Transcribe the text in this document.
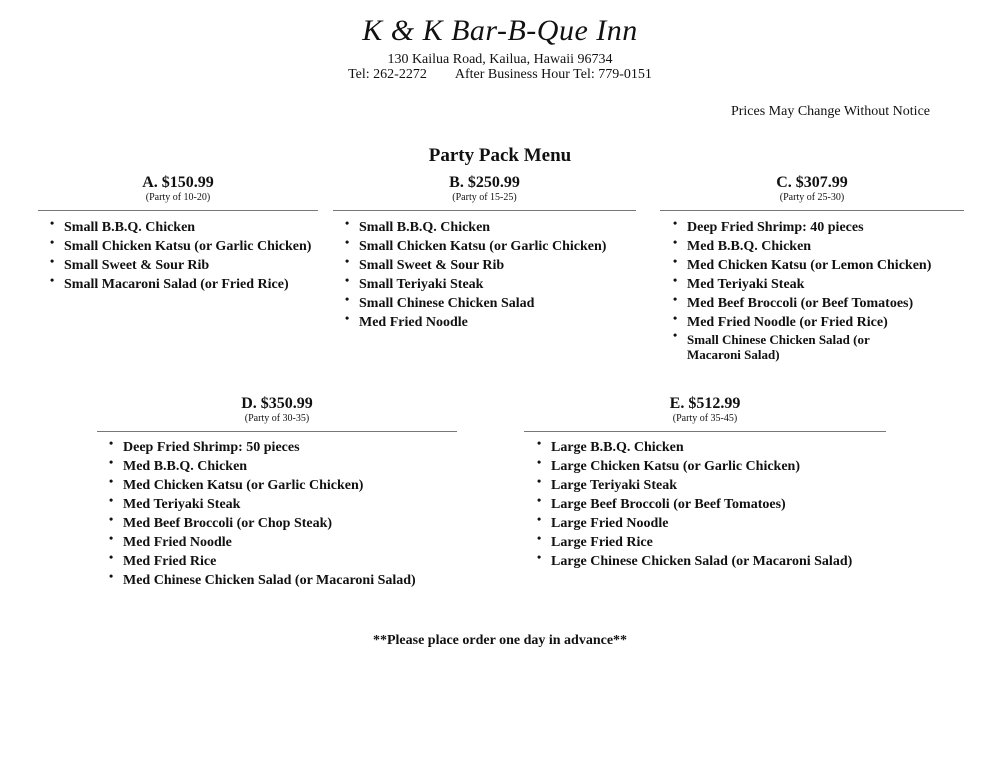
K & K Bar-B-Que Inn
130 Kailua Road, Kailua, Hawaii 96734
Tel: 262-2272 After Business Hour Tel: 779-0151
Prices May Change Without Notice
Party Pack Menu
A. $150.99
(Party of 10-20)
• Small B.B.Q. Chicken
• Small Chicken Katsu (or Garlic Chicken)
• Small Sweet & Sour Rib
• Small Macaroni Salad (or Fried Rice)
B. $250.99
(Party of 15-25)
• Small B.B.Q. Chicken
• Small Chicken Katsu (or Garlic Chicken)
• Small Sweet & Sour Rib
• Small Teriyaki Steak
• Small Chinese Chicken Salad
• Med Fried Noodle
C. $307.99
(Party of 25-30)
• Deep Fried Shrimp: 40 pieces
• Med B.B.Q. Chicken
• Med Chicken Katsu (or Lemon Chicken)
• Med Teriyaki Steak
• Med Beef Broccoli (or Beef Tomatoes)
• Med Fried Noodle (or Fried Rice)
• Small Chinese Chicken Salad (or Macaroni Salad)
D. $350.99
(Party of 30-35)
• Deep Fried Shrimp: 50 pieces
• Med B.B.Q. Chicken
• Med Chicken Katsu (or Garlic Chicken)
• Med Teriyaki Steak
• Med Beef Broccoli (or Chop Steak)
• Med Fried Noodle
• Med Fried Rice
• Med Chinese Chicken Salad (or Macaroni Salad)
E. $512.99
(Party of 35-45)
• Large B.B.Q. Chicken
• Large Chicken Katsu (or Garlic Chicken)
• Large Teriyaki Steak
• Large Beef Broccoli (or Beef Tomatoes)
• Large Fried Noodle
• Large Fried Rice
• Large Chinese Chicken Salad (or Macaroni Salad)
**Please place order one day in advance**
